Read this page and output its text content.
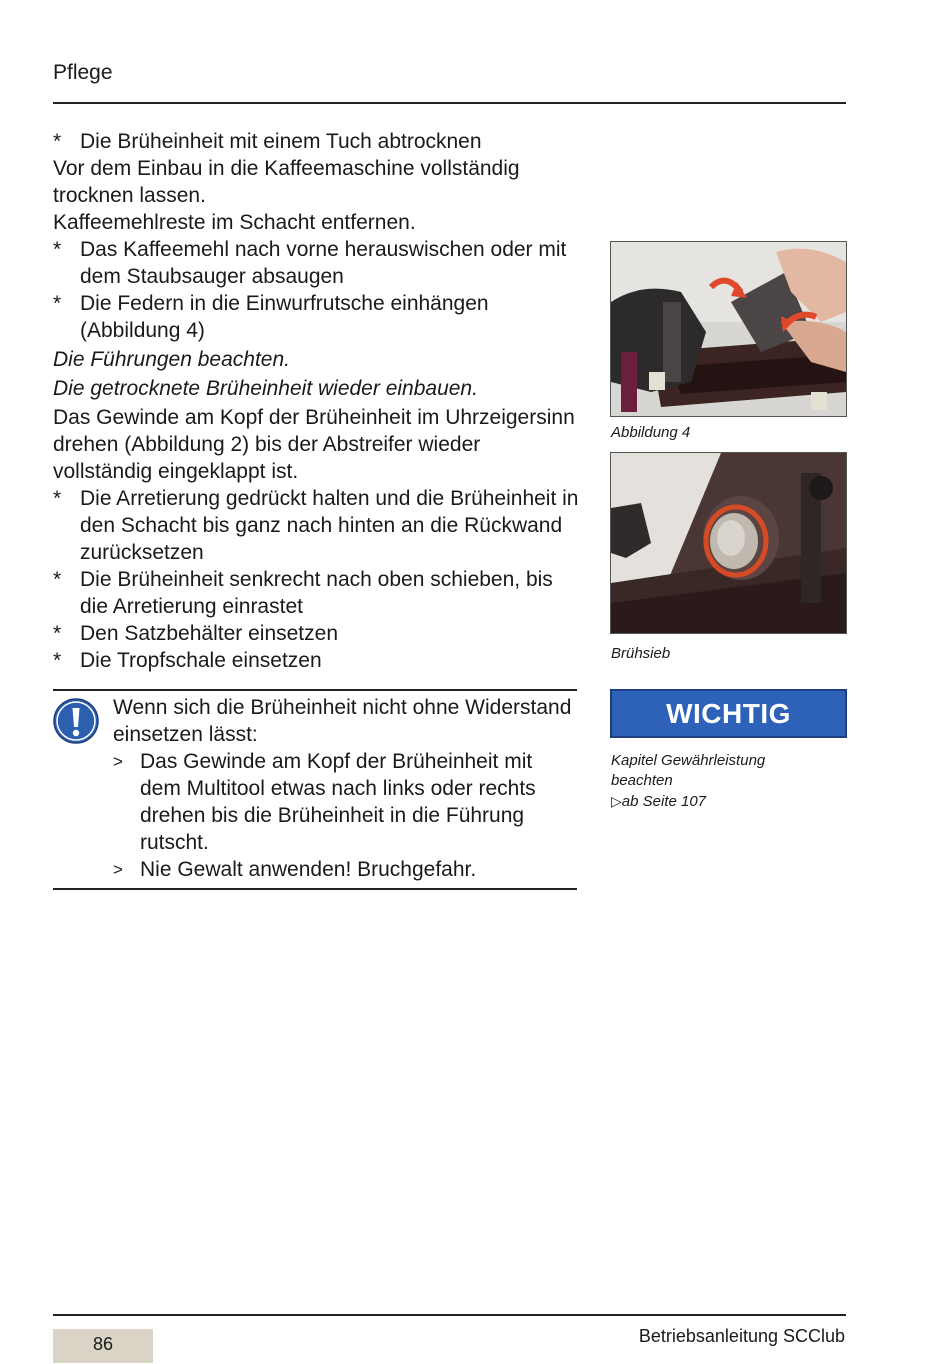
Pflege
* Die Brüheinheit mit einem Tuch abtrocknen
Vor dem Einbau in die Kaffeemaschine vollständig trocknen lassen.
Kaffeemehlreste im Schacht entfernen.
* Das Kaffeemehl nach vorne herauswischen oder mit dem Staubsauger absaugen
* Die Federn in die Einwurfrutsche einhängen (Abbildung 4)
Die Führungen beachten.
Die getrocknete Brüheinheit wieder einbauen.
Das Gewinde am Kopf der Brüheinheit im Uhrzeigersinn drehen (Abbildung 2) bis der Abstreifer wieder vollständig eingeklappt ist.
* Die Arretierung gedrückt halten und die Brüheinheit in den Schacht bis ganz nach hinten an die Rückwand zurücksetzen
* Die Brüheinheit senkrecht nach oben schieben, bis die Arretierung einrastet
* Den Satzbehälter einsetzen
* Die Tropfschale einsetzen
Wenn sich die Brüheinheit nicht ohne Widerstand einsetzen lässt:
> Das Gewinde am Kopf der Brüheinheit mit dem Multitool etwas nach links oder rechts drehen bis die Brüheinheit in die Führung rutscht.
> Nie Gewalt anwenden! Bruchgefahr.
Abbildung 4
Brühsieb
WICHTIG
Kapitel Gewährleistung
beachten
▷ab Seite 107
86	Betriebsanleitung SCClub
